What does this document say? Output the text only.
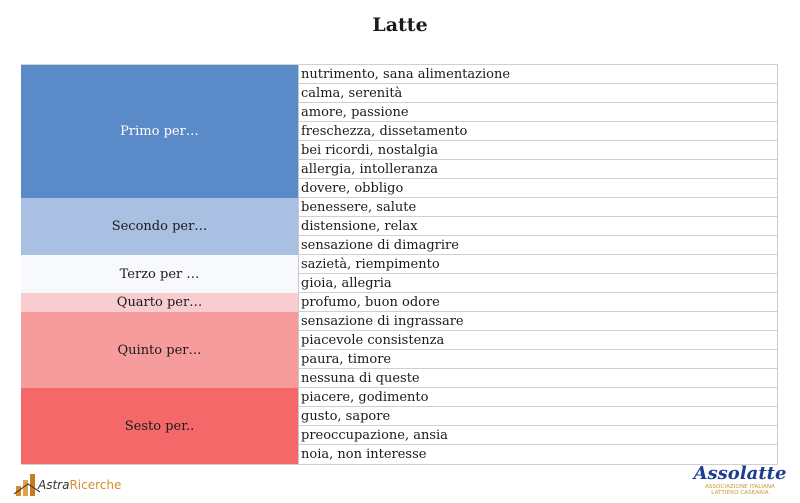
Latte
Primo per…
Secondo per…
Terzo per …
Quarto per…
Quinto per…
Sesto per..
nutrimento, sana alimentazione
calma, serenità
amore, passione
freschezza, dissetamento
bei ricordi, nostalgia
allergia, intolleranza
dovere, obbligo
benessere, salute
distensione, relax
sensazione di dimagrire
sazietà, riempimento
gioia, allegria
profumo, buon odore
sensazione di ingrassare
piacevole consistenza
paura, timore
nessuna di queste
piacere, godimento
gusto, sapore
preoccupazione, ansia
noia, non interesse
AstraRicerche
Assolatte
ASSOCIAZIONE ITALIANA
LATTIERO CASEARIA
